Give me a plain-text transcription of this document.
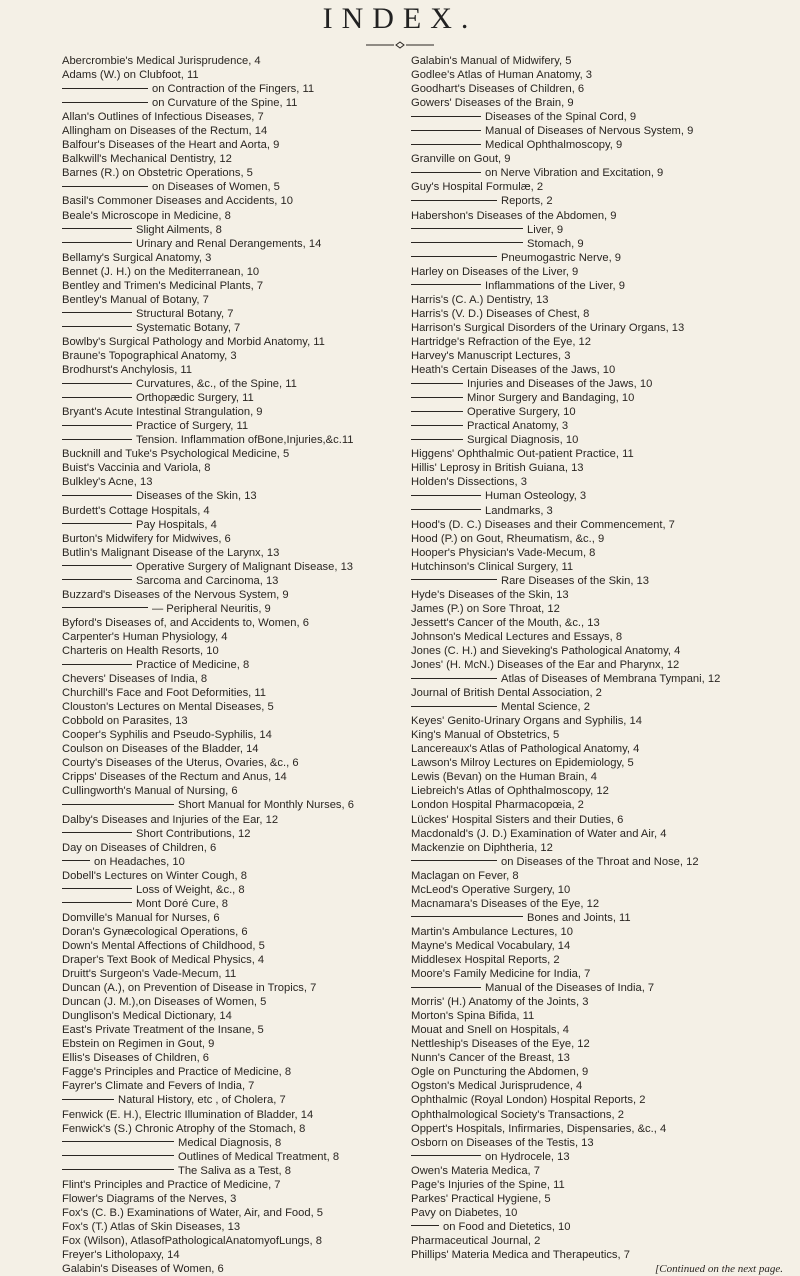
INDEX.
Abercrombie's Medical Jurisprudence, 4
Adams (W.) on Clubfoot, 11
on Contraction of the Fingers, 11
on Curvature of the Spine, 11
Allan's Outlines of Infectious Diseases, 7
Allingham on Diseases of the Rectum, 14
Balfour's Diseases of the Heart and Aorta, 9
Balkwill's Mechanical Dentistry, 12
Barnes (R.) on Obstetric Operations, 5
on Diseases of Women, 5
Basil's Commoner Diseases and Accidents, 10
Beale's Microscope in Medicine, 8
Slight Ailments, 8
Urinary and Renal Derangements, 14
Bellamy's Surgical Anatomy, 3
Bennet (J. H.) on the Mediterranean, 10
Bentley and Trimen's Medicinal Plants, 7
Bentley's Manual of Botany, 7
Structural Botany, 7
Systematic Botany, 7
Bowlby's Surgical Pathology and Morbid Anatomy, 11
Braune's Topographical Anatomy, 3
Brodhurst's Anchylosis, 11
Curvatures, &c., of the Spine, 11
Orthopædic Surgery, 11
Bryant's Acute Intestinal Strangulation, 9
Practice of Surgery, 11
Tension. Inflammation ofBone,Injuries,&c.11
Bucknill and Tuke's Psychological Medicine, 5
Buist's Vaccinia and Variola, 8
Bulkley's Acne, 13
Diseases of the Skin, 13
Burdett's Cottage Hospitals, 4
Pay Hospitals, 4
Burton's Midwifery for Midwives, 6
Butlin's Malignant Disease of the Larynx, 13
Operative Surgery of Malignant Disease, 13
Sarcoma and Carcinoma, 13
Buzzard's Diseases of the Nervous System, 9
— Peripheral Neuritis, 9
Byford's Diseases of, and Accidents to, Women, 6
Carpenter's Human Physiology, 4
Charteris on Health Resorts, 10
Practice of Medicine, 8
Chevers' Diseases of India, 8
Churchill's Face and Foot Deformities, 11
Clouston's Lectures on Mental Diseases, 5
Cobbold on Parasites, 13
Cooper's Syphilis and Pseudo-Syphilis, 14
Coulson on Diseases of the Bladder, 14
Courty's Diseases of the Uterus, Ovaries, &c., 6
Cripps' Diseases of the Rectum and Anus, 14
Cullingworth's Manual of Nursing, 6
Short Manual for Monthly Nurses, 6
Dalby's Diseases and Injuries of the Ear, 12
Short Contributions, 12
Day on Diseases of Children, 6
on Headaches, 10
Dobell's Lectures on Winter Cough, 8
Loss of Weight, &c., 8
Mont Doré Cure, 8
Domville's Manual for Nurses, 6
Doran's Gynæcological Operations, 6
Down's Mental Affections of Childhood, 5
Draper's Text Book of Medical Physics, 4
Druitt's Surgeon's Vade-Mecum, 11
Duncan (A.), on Prevention of Disease in Tropics, 7
Duncan (J. M.),on Diseases of Women, 5
Dunglison's Medical Dictionary, 14
East's Private Treatment of the Insane, 5
Ebstein on Regimen in Gout, 9
Ellis's Diseases of Children, 6
Fagge's Principles and Practice of Medicine, 8
Fayrer's Climate and Fevers of India, 7
Natural History, etc , of Cholera, 7
Fenwick (E. H.), Electric Illumination of Bladder, 14
Fenwick's (S.) Chronic Atrophy of the Stomach, 8
Medical Diagnosis, 8
Outlines of Medical Treatment, 8
The Saliva as a Test, 8
Flint's Principles and Practice of Medicine, 7
Flower's Diagrams of the Nerves, 3
Fox's (C. B.) Examinations of Water, Air, and Food, 5
Fox's (T.) Atlas of Skin Diseases, 13
Fox (Wilson), AtlasofPathologicalAnatomyofLungs, 8
Freyer's Litholopaxy, 14
Galabin's Diseases of Women, 6
Galabin's Manual of Midwifery, 5
Godlee's Atlas of Human Anatomy, 3
Goodhart's Diseases of Children, 6
Gowers' Diseases of the Brain, 9
Diseases of the Spinal Cord, 9
Manual of Diseases of Nervous System, 9
Medical Ophthalmoscopy, 9
Granville on Gout, 9
on Nerve Vibration and Excitation, 9
Guy's Hospital Formulæ, 2
Reports, 2
Habershon's Diseases of the Abdomen, 9
Liver, 9
Stomach, 9
Pneumogastric Nerve, 9
Harley on Diseases of the Liver, 9
Inflammations of the Liver, 9
Harris's (C. A.) Dentistry, 13
Harris's (V. D.) Diseases of Chest, 8
Harrison's Surgical Disorders of the Urinary Organs, 13
Hartridge's Refraction of the Eye, 12
Harvey's Manuscript Lectures, 3
Heath's Certain Diseases of the Jaws, 10
Injuries and Diseases of the Jaws, 10
Minor Surgery and Bandaging, 10
Operative Surgery, 10
Practical Anatomy, 3
Surgical Diagnosis, 10
Higgens' Ophthalmic Out-patient Practice, 11
Hillis' Leprosy in British Guiana, 13
Holden's Dissections, 3
Human Osteology, 3
Landmarks, 3
Hood's (D. C.) Diseases and their Commencement, 7
Hood (P.) on Gout, Rheumatism, &c., 9
Hooper's Physician's Vade-Mecum, 8
Hutchinson's Clinical Surgery, 11
Rare Diseases of the Skin, 13
Hyde's Diseases of the Skin, 13
James (P.) on Sore Throat, 12
Jessett's Cancer of the Mouth, &c., 13
Johnson's Medical Lectures and Essays, 8
Jones (C. H.) and Sieveking's Pathological Anatomy, 4
Jones' (H. McN.) Diseases of the Ear and Pharynx, 12
Atlas of Diseases of Membrana Tympani, 12
Journal of British Dental Association, 2
Mental Science, 2
Keyes' Genito-Urinary Organs and Syphilis, 14
King's Manual of Obstetrics, 5
Lancereaux's Atlas of Pathological Anatomy, 4
Lawson's Milroy Lectures on Epidemiology, 5
Lewis (Bevan) on the Human Brain, 4
Liebreich's Atlas of Ophthalmoscopy, 12
London Hospital Pharmacopœia, 2
Lückes' Hospital Sisters and their Duties, 6
Macdonald's (J. D.) Examination of Water and Air, 4
Mackenzie on Diphtheria, 12
on Diseases of the Throat and Nose, 12
Maclagan on Fever, 8
McLeod's Operative Surgery, 10
Macnamara's Diseases of the Eye, 12
Bones and Joints, 11
Martin's Ambulance Lectures, 10
Mayne's Medical Vocabulary, 14
Middlesex Hospital Reports, 2
Moore's Family Medicine for India, 7
Manual of the Diseases of India, 7
Morris' (H.) Anatomy of the Joints, 3
Morton's Spina Bifida, 11
Mouat and Snell on Hospitals, 4
Nettleship's Diseases of the Eye, 12
Nunn's Cancer of the Breast, 13
Ogle on Puncturing the Abdomen, 9
Ogston's Medical Jurisprudence, 4
Ophthalmic (Royal London) Hospital Reports, 2
Ophthalmological Society's Transactions, 2
Oppert's Hospitals, Infirmaries, Dispensaries, &c., 4
Osborn on Diseases of the Testis, 13
on Hydrocele, 13
Owen's Materia Medica, 7
Page's Injuries of the Spine, 11
Parkes' Practical Hygiene, 5
Pavy on Diabetes, 10
on Food and Dietetics, 10
Pharmaceutical Journal, 2
Phillips' Materia Medica and Therapeutics, 7
[Continued on the next page.
